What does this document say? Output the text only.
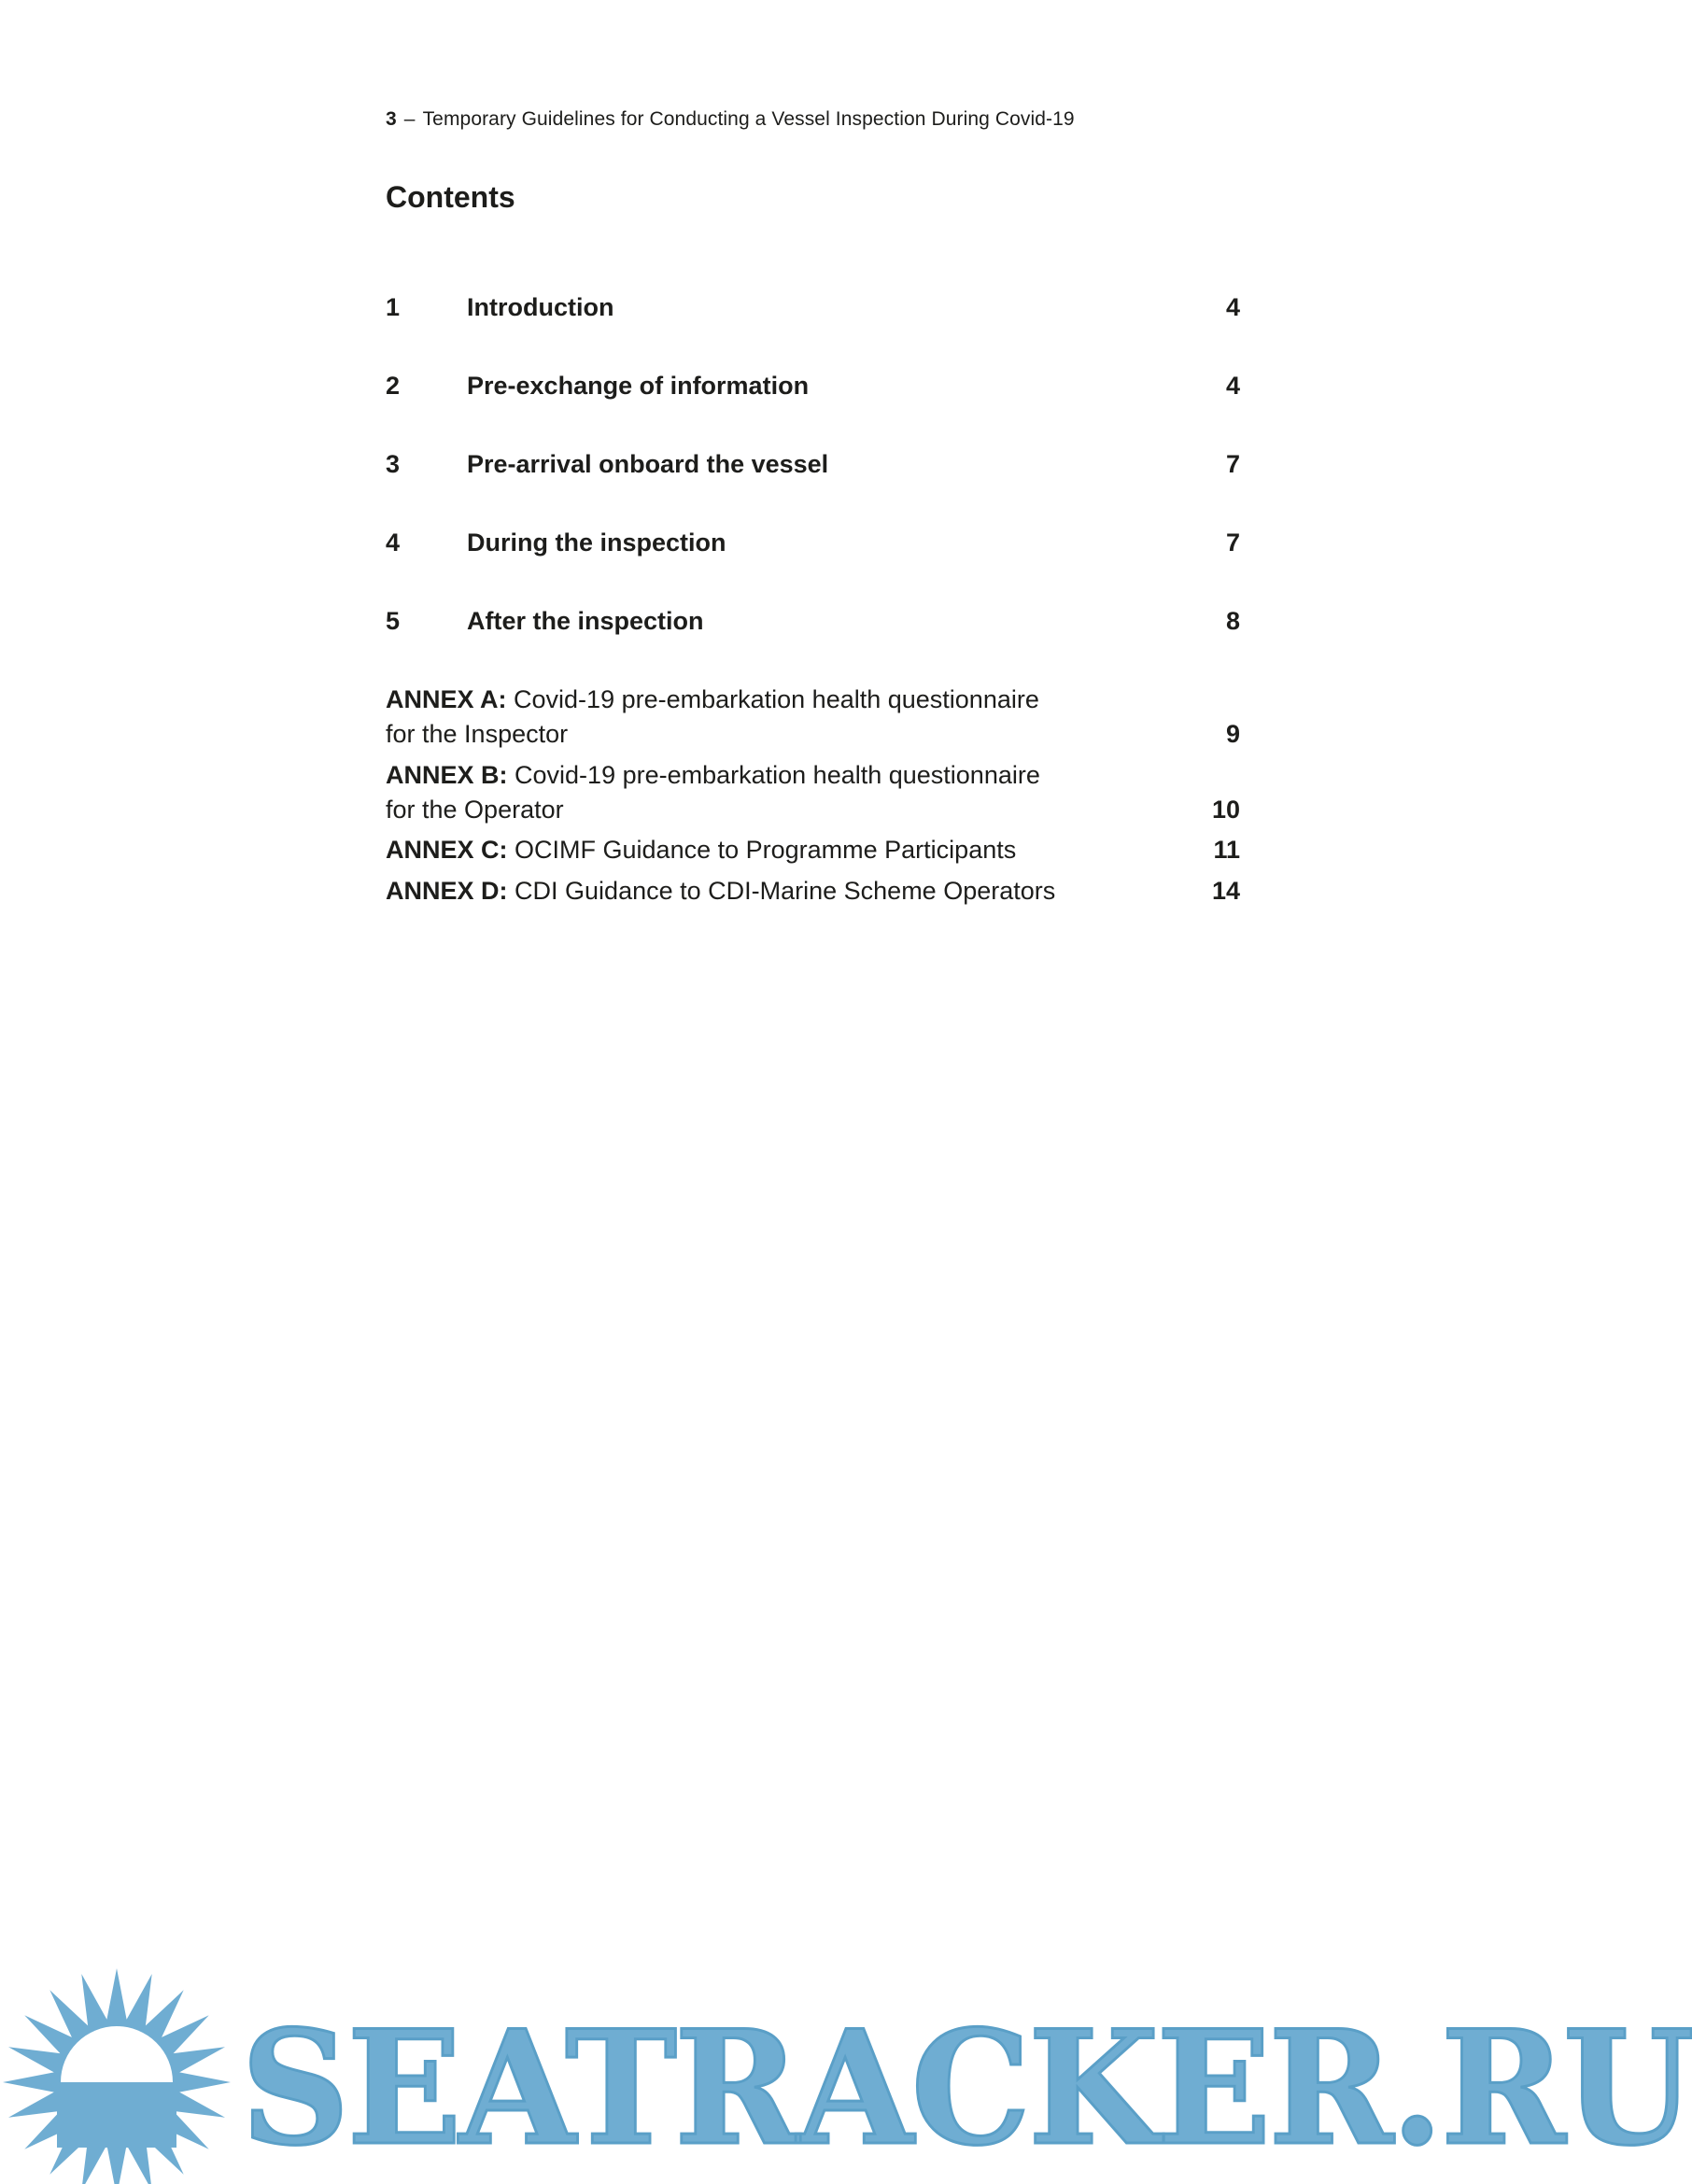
3 – Temporary Guidelines for Conducting a Vessel Inspection During Covid-19
Contents
1	Introduction	4
2	Pre-exchange of information	4
3	Pre-arrival onboard the vessel	7
4	During the inspection	7
5	After the inspection	8
ANNEX A: Covid-19 pre-embarkation health questionnaire for the Inspector	9
ANNEX B: Covid-19 pre-embarkation health questionnaire for the Operator	10
ANNEX C: OCIMF Guidance to Programme Participants	11
ANNEX D: CDI Guidance to CDI-Marine Scheme Operators	14
SEATRACKER.RU
